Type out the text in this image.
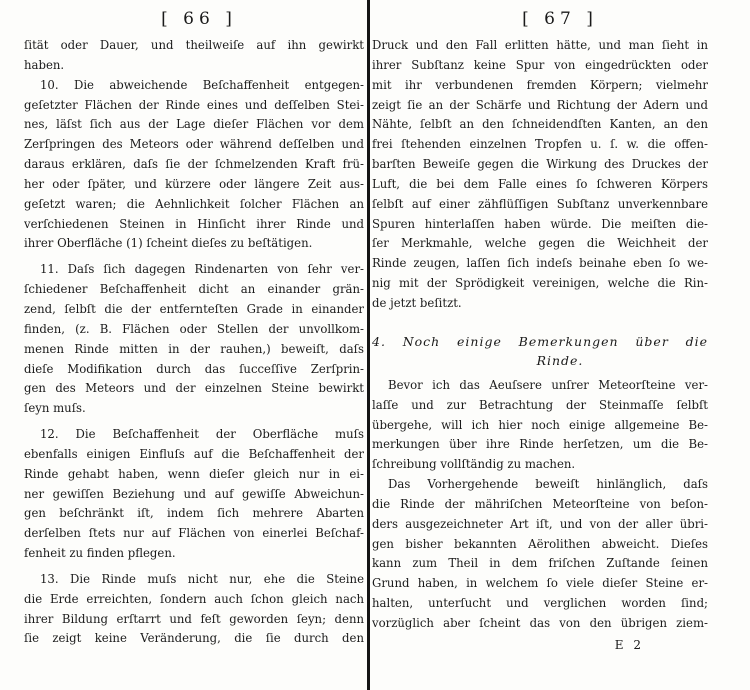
[ 66 ]
ſität oder Dauer, und theilweiſe auf ihn gewirkt
haben.
10. Die abweichende Beſchaffenheit entgegen-
geſetzter Flächen der Rinde eines und deſſelben Stei-
nes, läſst ſich aus der Lage dieſer Flächen vor dem
Zerſpringen des Meteors oder während deſſelben und
daraus erklären, daſs ſie der ſchmelzenden Kraft frü-
her oder ſpäter, und kürzere oder längere Zeit aus-
geſetzt waren; die Aehnlichkeit ſolcher Flächen an
verſchiedenen Steinen in Hinſicht ihrer Rinde und
ihrer Oberfläche (1) ſcheint dieſes zu beſtätigen.
11. Daſs ſich dagegen Rindenarten von ſehr ver-
ſchiedener Beſchaffenheit dicht an einander grän-
zend, ſelbſt die der entfernteſten Grade in einander
finden, (z. B. Flächen oder Stellen der unvollkom-
menen Rinde mitten in der rauhen,) beweiſt, daſs
dieſe Modifikation durch das ſucceſſive Zerſprin-
gen des Meteors und der einzelnen Steine bewirkt
ſeyn muſs.
12. Die Beſchaffenheit der Oberfläche muſs
ebenfalls einigen Einfluſs auf die Beſchaffenheit der
Rinde gehabt haben, wenn dieſer gleich nur in ei-
ner gewiſſen Beziehung und auf gewiſſe Abweichun-
gen beſchränkt iſt, indem ſich mehrere Abarten
derſelben ſtets nur auf Flächen von einerlei Beſchaf-
fenheit zu finden pflegen.
13. Die Rinde muſs nicht nur, ehe die Steine
die Erde erreichten, ſondern auch ſchon gleich nach
ihrer Bildung erſtarrt und feſt geworden ſeyn; denn
ſie zeigt keine Veränderung, die ſie durch den
[ 67 ]
Druck und den Fall erlitten hätte, und man ſieht in
ihrer Subſtanz keine Spur von eingedrückten oder
mit ihr verbundenen fremden Körpern; vielmehr
zeigt ſie an der Schärfe und Richtung der Adern und
Nähte, ſelbſt an den ſchneidendſten Kanten, an den
frei ſtehenden einzelnen Tropfen u. ſ. w. die offen-
barſten Beweiſe gegen die Wirkung des Druckes der
Luft, die bei dem Falle eines ſo ſchweren Körpers
ſelbſt auf einer zähflüſſigen Subſtanz unverkennbare
Spuren hinterlaſſen haben würde. Die meiſten die-
ſer Merkmahle, welche gegen die Weichheit der
Rinde zeugen, laſſen ſich indeſs beinahe eben ſo we-
nig mit der Sprödigkeit vereinigen, welche die Rin-
de jetzt beſitzt.
4. Noch einige Bemerkungen über die
Rinde.
Bevor ich das Aeuſsere unſrer Meteorſteine ver-
laſſe und zur Betrachtung der Steinmaſſe ſelbſt
übergehe, will ich hier noch einige allgemeine Be-
merkungen über ihre Rinde herſetzen, um die Be-
ſchreibung vollſtändig zu machen.
Das Vorhergehende beweiſt hinlänglich, daſs
die Rinde der mähriſchen Meteorſteine von beſon-
ders ausgezeichneter Art iſt, und von der aller übri-
gen bisher bekannten Aërolithen abweicht. Dieſes
kann zum Theil in dem friſchen Zuſtande ſeinen
Grund haben, in welchem ſo viele dieſer Steine er-
halten, unterſucht und verglichen worden ſind;
vorzüglich aber ſcheint das von den übrigen ziem-
E 2
